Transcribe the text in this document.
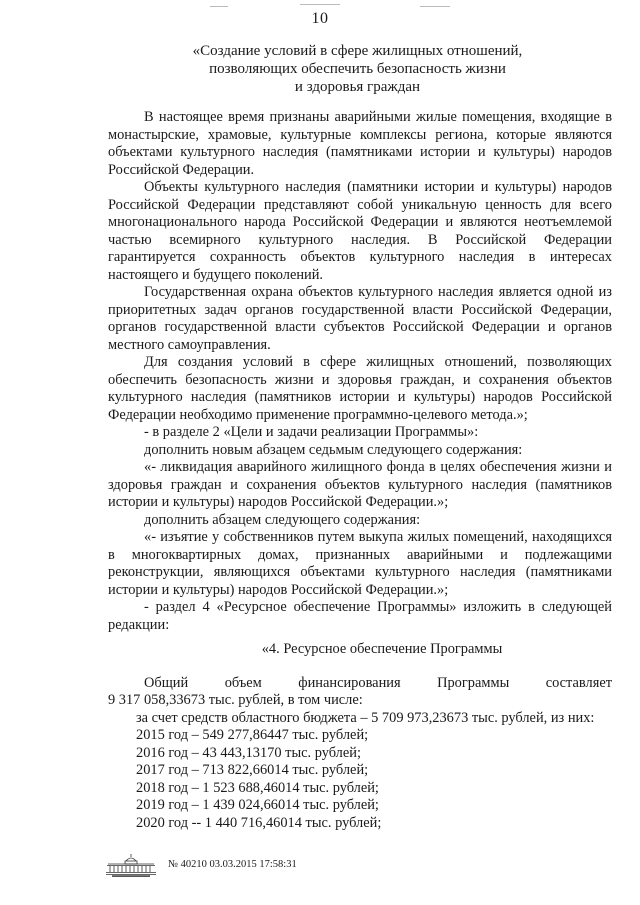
10
«Создание условий в сфере жилищных отношений,
позволяющих обеспечить безопасность жизни
и здоровья граждан

В настоящее время признаны аварийными жилые помещения, входящие в монастырские, храмовые, культурные комплексы региона, которые являются объектами культурного наследия (памятниками истории и культуры) народов Российской Федерации.

Объекты культурного наследия (памятники истории и культуры) народов Российской Федерации представляют собой уникальную ценность для всего многонационального народа Российской Федерации и являются неотъемлемой частью всемирного культурного наследия. В Российской Федерации гарантируется сохранность объектов культурного наследия в интересах настоящего и будущего поколений.

Государственная охрана объектов культурного наследия является одной из приоритетных задач органов государственной власти Российской Федерации, органов государственной власти субъектов Российской Федерации и органов местного самоуправления.

Для создания условий в сфере жилищных отношений, позволяющих обеспечить безопасность жизни и здоровья граждан, и сохранения объектов культурного наследия (памятников истории и культуры) народов Российской Федерации необходимо применение программно-целевого метода.»;

- в разделе 2 «Цели и задачи реализации Программы»:

дополнить новым абзацем седьмым следующего содержания:

«- ликвидация аварийного жилищного фонда в целях обеспечения жизни и здоровья граждан и сохранения объектов культурного наследия (памятников истории и культуры) народов Российской Федерации.»;

дополнить абзацем следующего содержания:

«- изъятие у собственников путем выкупа жилых помещений, находящихся в многоквартирных домах, признанных аварийными и подлежащими реконструкции, являющихся объектами культурного наследия (памятниками истории и культуры) народов Российской Федерации.»;

- раздел 4 «Ресурсное обеспечение Программы» изложить в следующей редакции:

«4. Ресурсное обеспечение Программы

Общий объем финансирования Программы составляет

9 317 058,33673 тыс. рублей, в том числе:

за счет средств областного бюджета – 5 709 973,23673 тыс. рублей, из них:

2015 год – 549 277,86447 тыс. рублей;

2016 год – 43 443,13170 тыс. рублей;

2017 год – 713 822,66014 тыс. рублей;

2018 год – 1 523 688,46014 тыс. рублей;

2019 год – 1 439 024,66014 тыс. рублей;

2020 год -- 1 440 716,46014 тыс. рублей;

№ 40210 03.03.2015 17:58:31
